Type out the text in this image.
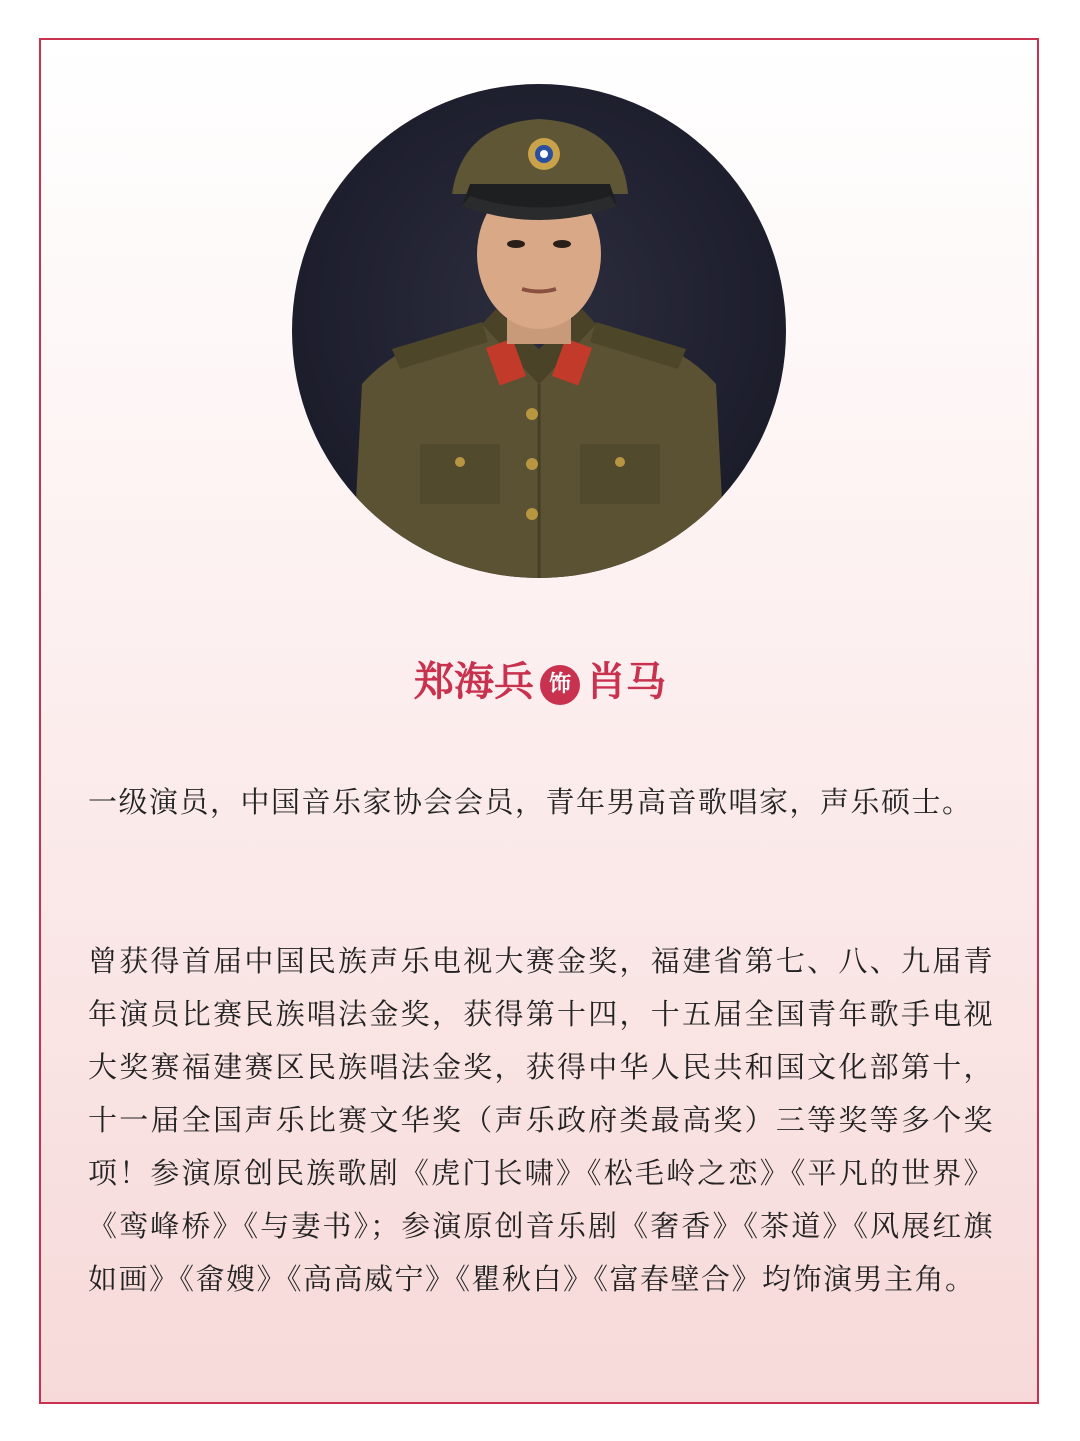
郑海兵 饰 肖马

一级演员，中国音乐家协会会员，青年男高音歌唱家，声乐硕士。

曾获得首届中国民族声乐电视大赛金奖，福建省第七、八、九届青年演员比赛民族唱法金奖，获得第十四，十五届全国青年歌手电视大奖赛福建赛区民族唱法金奖，获得中华人民共和国文化部第十，十一届全国声乐比赛文华奖（声乐政府类最高奖）三等奖等多个奖项！参演原创民族歌剧《虎门长啸》《松毛岭之恋》《平凡的世界》《鸾峰桥》《与妻书》；参演原创音乐剧《奢香》《茶道》《风展红旗如画》《畲嫂》《高高威宁》《瞿秋白》《富春壁合》均饰演男主角。
